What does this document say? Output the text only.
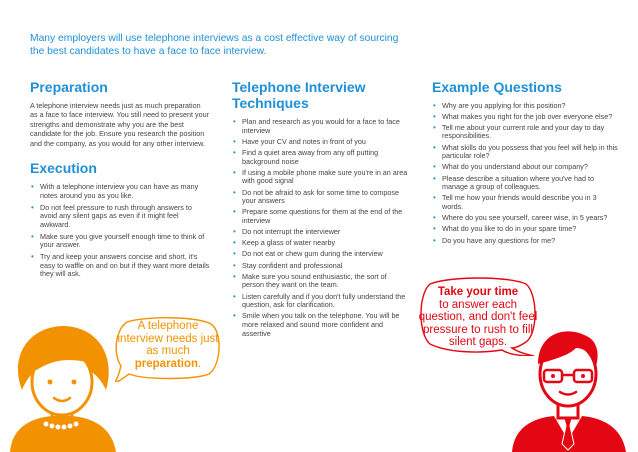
Many employers will use telephone interviews as a cost effective way of sourcing the best candidates to have a face to face interview.
Preparation

A telephone interview needs just as much preparation as a face to face interview. You still need to present your strengths and demonstrate why you are the best candidate for the job. Ensure you research the position and the company, as you would for any other interview.

Execution
• With a telephone interview you can have as many notes around you as you like.
• Do not feel pressure to rush through answers to avoid any silent gaps as even if it might feel awkward.
• Make sure you give yourself enough time to think of your answer.
• Try and keep your answers concise and short, it's easy to waffle on and on but if they want more details they will ask.
Telephone Interview Techniques
• Plan and research as you would for a face to face interview
• Have your CV and notes in front of you
• Find a quiet area away from any off putting background noise
• If using a mobile phone make sure you're in an area with good signal
• Do not be afraid to ask for some time to compose your answers
• Prepare some questions for them at the end of the interview
• Do not interrupt the interviewer
• Keep a glass of water nearby
• Do not eat or chew gum during the interview
• Stay confident and professional
• Make sure you sound enthusiastic, the sort of person they want on the team.
• Listen carefully and if you don't fully understand the question, ask for clarification.
• Smile when you talk on the telephone. You will be more relaxed and sound more confident and assertive
Example Questions
• Why are you applying for this position?
• What makes you right for the job over everyone else?
• Tell me about your current role and your day to day responsibilities.
• What skills do you possess that you feel will help in this particular role?
• What do you understand about our company?
• Please describe a situation where you've had to manage a group of colleagues.
• Tell me how your friends would describe you in 3 words.
• Where do you see yourself, career wise, in 5 years?
• What do you like to do in your spare time?
• Do you have any questions for me?
A telephone interview needs just as much preparation.
Take your time
to answer each question, and don't feel pressure to rush to fill silent gaps.
